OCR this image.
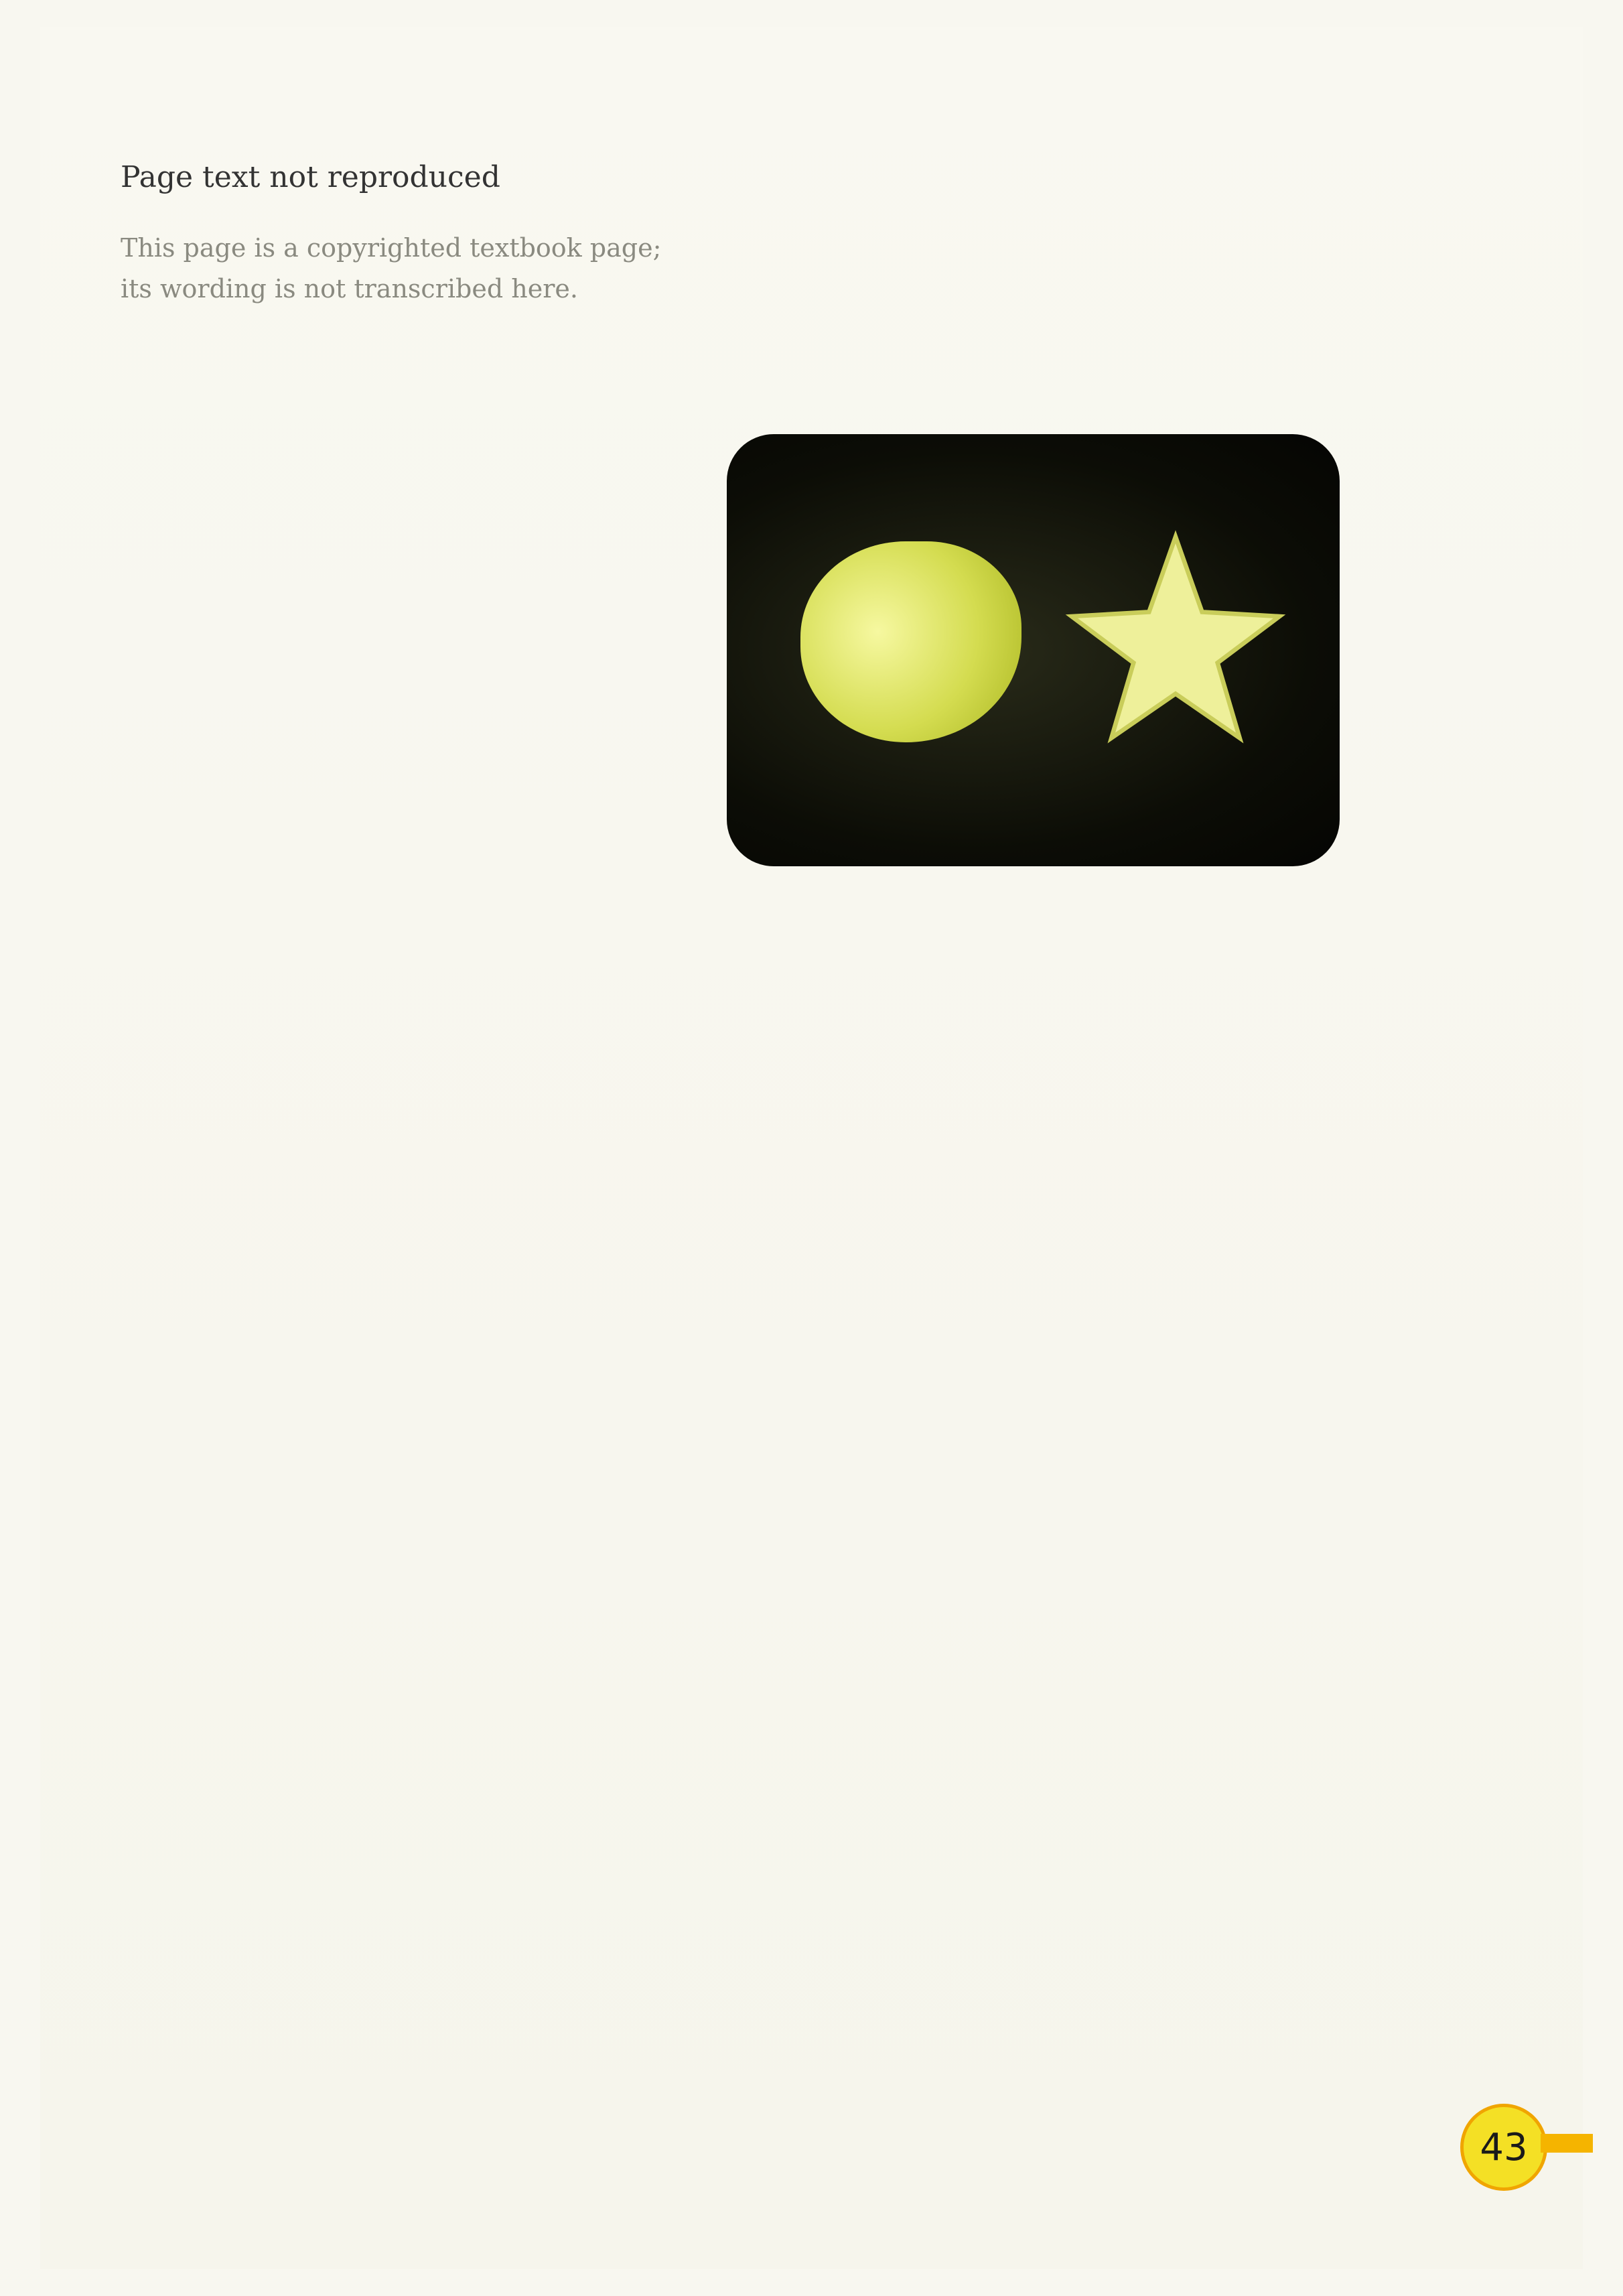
Page text not reproduced
This page is a copyrighted textbook page; its wording is not transcribed here.
43
